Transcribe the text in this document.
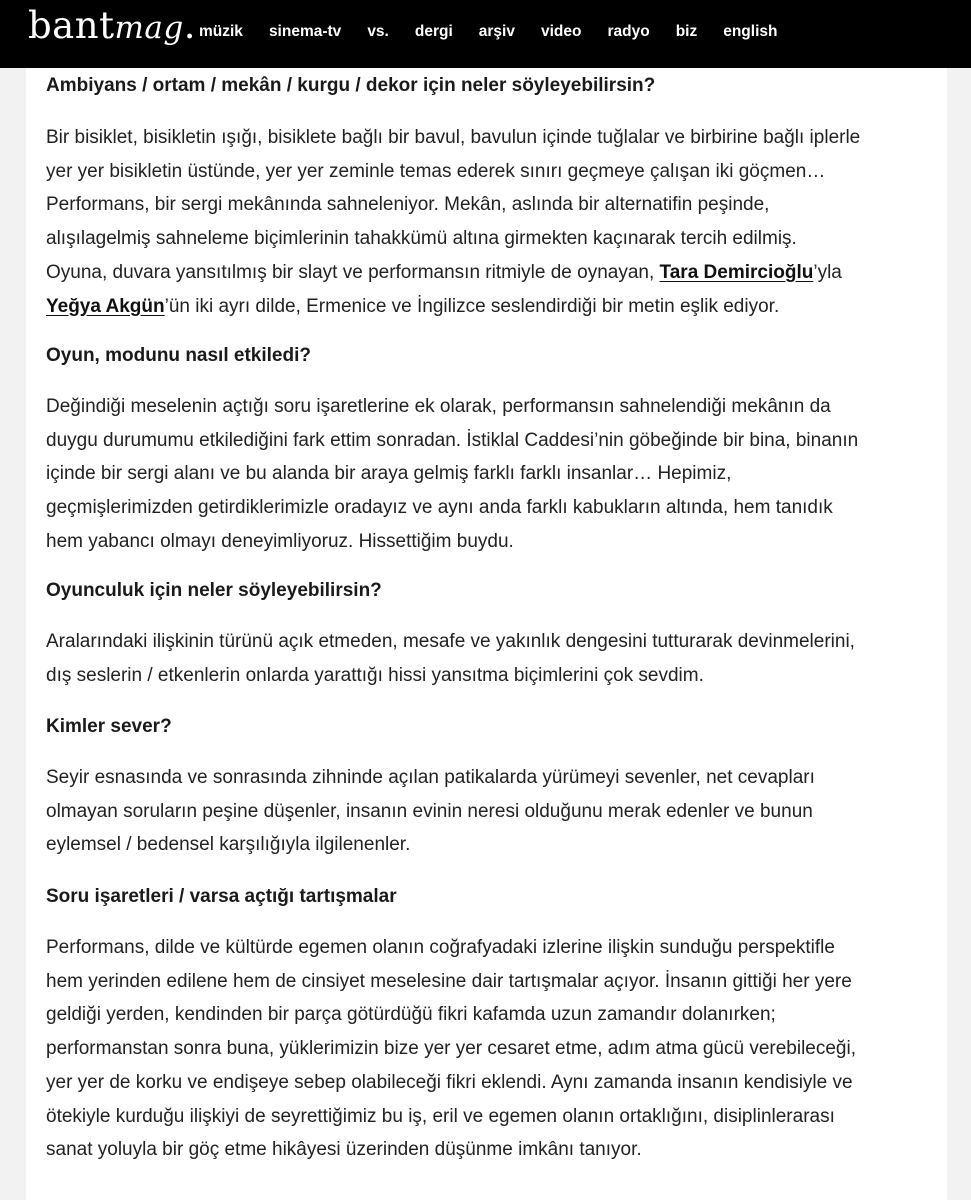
bantmag. müzik sinema-tv vs. dergi arşiv video radyo biz english
Ambiyans / ortam / mekân / kurgu / dekor için neler söyleyebilirsin?

Bir bisiklet, bisikletin ışığı, bisiklete bağlı bir bavul, bavulun içinde tuğlalar ve birbirine bağlı iplerle
yer yer bisikletin üstünde, yer yer zeminle temas ederek sınırı geçmeye çalışan iki göçmen…
Performans, bir sergi mekânında sahneleniyor. Mekân, aslında bir alternatifin peşinde,
alışılagelmiş sahneleme biçimlerinin tahakkümü altına girmekten kaçınarak tercih edilmiş.
Oyuna, duvara yansıtılmış bir slayt ve performansın ritmiyle de oynayan, Tara Demircioğlu’yla
Yeğya Akgün’ün iki ayrı dilde, Ermenice ve İngilizce seslendirdiği bir metin eşlik ediyor.

Oyun, modunu nasıl etkiledi?

Değindiği meselenin açtığı soru işaretlerine ek olarak, performansın sahnelendiği mekânın da
duygu durumumu etkilediğini fark ettim sonradan. İstiklal Caddesi’nin göbeğinde bir bina, binanın
içinde bir sergi alanı ve bu alanda bir araya gelmiş farklı farklı insanlar… Hepimiz,
geçmişlerimizden getirdiklerimizle oradayız ve aynı anda farklı kabukların altında, hem tanıdık
hem yabancı olmayı deneyimliyoruz. Hissettiğim buydu.

Oyunculuk için neler söyleyebilirsin?

Aralarındaki ilişkinin türünü açık etmeden, mesafe ve yakınlık dengesini tutturarak devinmelerini,
dış seslerin / etkenlerin onlarda yarattığı hissi yansıtma biçimlerini çok sevdim.

Kimler sever?

Seyir esnasında ve sonrasında zihninde açılan patikalarda yürümeyi sevenler, net cevapları
olmayan soruların peşine düşenler, insanın evinin neresi olduğunu merak edenler ve bunun
eylemsel / bedensel karşılığıyla ilgilenenler.

Soru işaretleri / varsa açtığı tartışmalar

Performans, dilde ve kültürde egemen olanın coğrafyadaki izlerine ilişkin sunduğu perspektifle
hem yerinden edilene hem de cinsiyet meselesine dair tartışmalar açıyor. İnsanın gittiği her yere
geldiği yerden, kendinden bir parça götürdüğü fikri kafamda uzun zamandır dolanırken;
performanstan sonra buna, yüklerimizin bize yer yer cesaret etme, adım atma gücü verebileceği,
yer yer de korku ve endişeye sebep olabileceği fikri eklendi. Aynı zamanda insanın kendisiyle ve
ötekiyle kurduğu ilişkiyi de seyrettiğimiz bu iş, eril ve egemen olanın ortaklığını, disiplinlerarası
sanat yoluyla bir göç etme hikâyesi üzerinden düşünme imkânı tanıyor.
